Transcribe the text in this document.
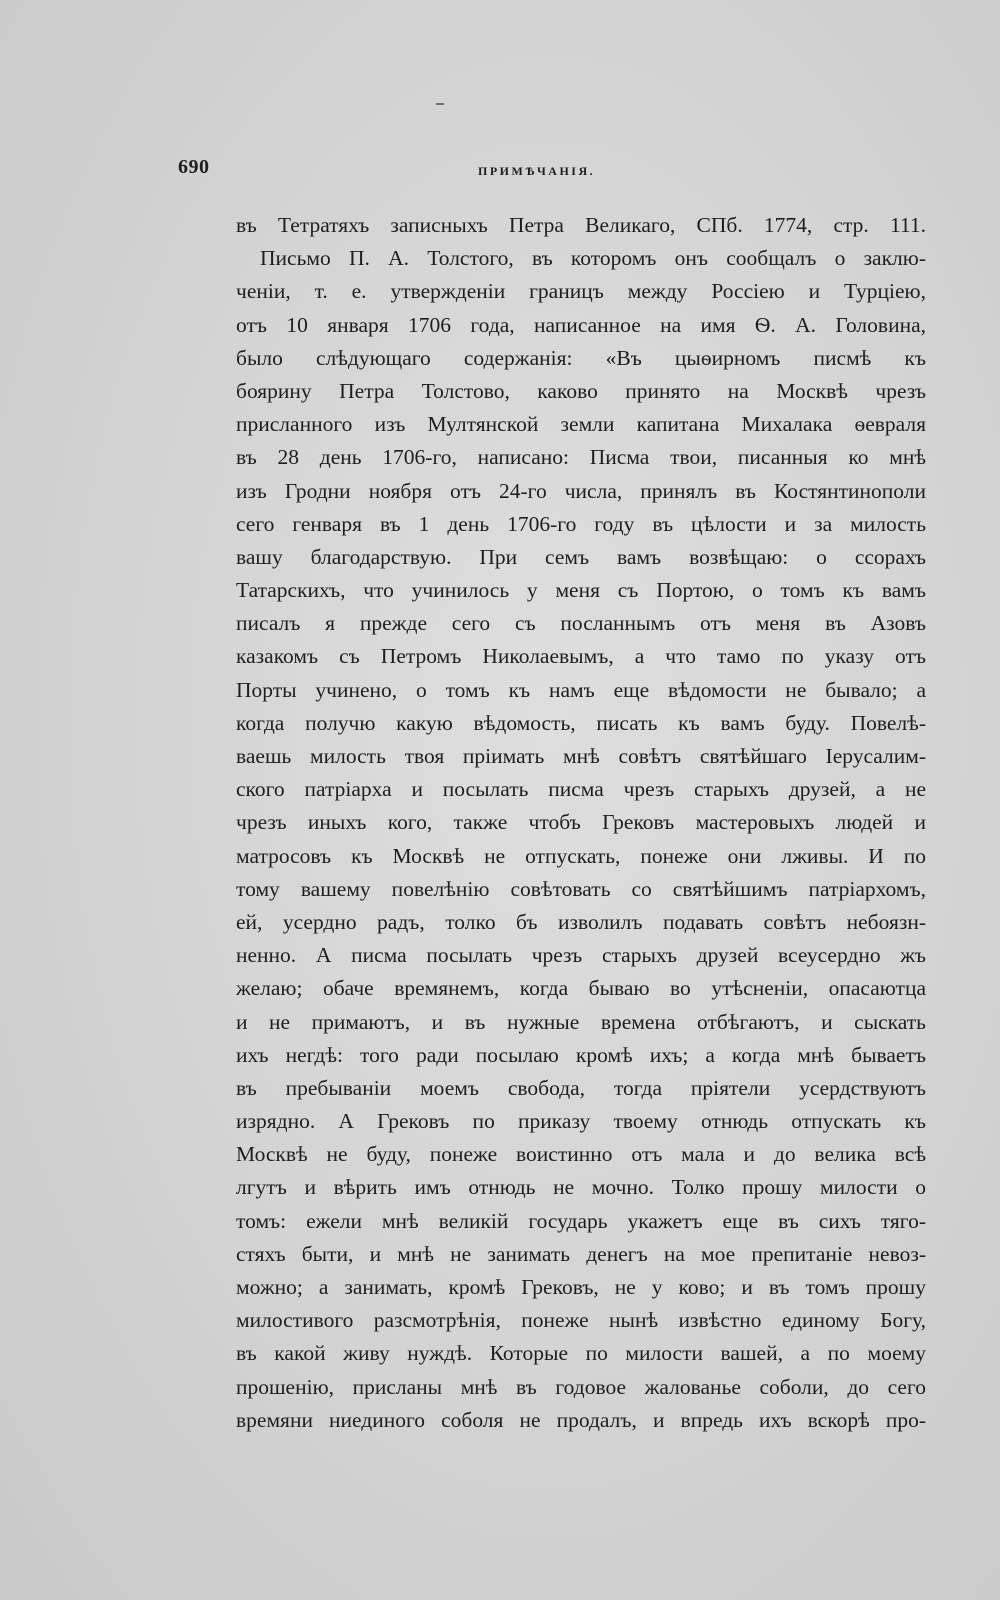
690	ПРИМѢЧАНIЯ.
въ Тетратяхъ записныхъ Петра Великаго, СПб. 1774, стр. 111.
Письмо П. А. Толстого, въ которомъ онъ сообщалъ о заклю-
ченiи, т. е. утвержденiи границъ между Россiею и Турцiею,
отъ 10 января 1706 года, написанное на имя Ѳ. А. Головина,
было слѣдующаго содержанiя: «Въ цыѳирномъ писмѣ къ
боярину Петра Толстово, каково принято на Москвѣ чрезъ
присланного изъ Мултянской земли капитана Михалака ѳевраля
въ 28 день 1706-го, написано: Писма твои, писанныя ко мнѣ
изъ Гродни ноября отъ 24-го числа, принялъ въ Костянтинополи
сего генваря въ 1 день 1706-го году въ цѣлости и за милость
вашу благодарствую. При семъ вамъ возвѣщаю: о ссорахъ
Татарскихъ, что учинилось у меня съ Портою, о томъ къ вамъ
писалъ я прежде сего съ посланнымъ отъ меня въ Азовъ
казакомъ съ Петромъ Николаевымъ, а что тамо по указу отъ
Порты учинено, о томъ къ намъ еще вѣдомости не бывало; а
когда получю какую вѣдомость, писать къ вамъ буду. Повелѣ-
ваешь милость твоя прiимать мнѣ совѣтъ святѣйшаго Iерусалим-
ского патрiарха и посылать писма чрезъ старыхъ друзей, а не
чрезъ иныхъ кого, также чтобъ Грековъ мастеровыхъ людей и
матросовъ къ Москвѣ не отпускать, понеже они лживы. И по
тому вашему повелѣнiю совѣтовать со святѣйшимъ патрiархомъ,
ей, усердно радъ, толко бъ изволилъ подавать совѣтъ небоязн-
ненно. А писма посылать чрезъ старыхъ друзей всеусердно жъ
желаю; обаче времянемъ, когда бываю во утѣсненiи, опасаютца
и не примаютъ, и въ нужные времена отбѣгаютъ, и сыскать
ихъ негдѣ: того ради посылаю кромѣ ихъ; а когда мнѣ бываетъ
въ пребыванiи моемъ свобода, тогда прiятели усердствуютъ
изрядно. А Грековъ по приказу твоему отнюдь отпускать къ
Москвѣ не буду, понеже воистинно отъ мала и до велика всѣ
лгутъ и вѣрить имъ отнюдь не мочно. Толко прошу милости о
томъ: ежели мнѣ великiй государь укажетъ еще въ сихъ тяго-
стяхъ быти, и мнѣ не занимать денегъ на мое препитанiе невоз-
можно; а занимать, кромѣ Грековъ, не у ково; и въ томъ прошу
милостивого разсмотрѣнiя, понеже нынѣ извѣстно единому Богу,
въ какой живу нуждѣ. Которые по милости вашей, а по моему
прошенiю, присланы мнѣ въ годовое жалованье соболи, до сего
времяни ниединого соболя не продалъ, и впредь ихъ вскорѣ про-
